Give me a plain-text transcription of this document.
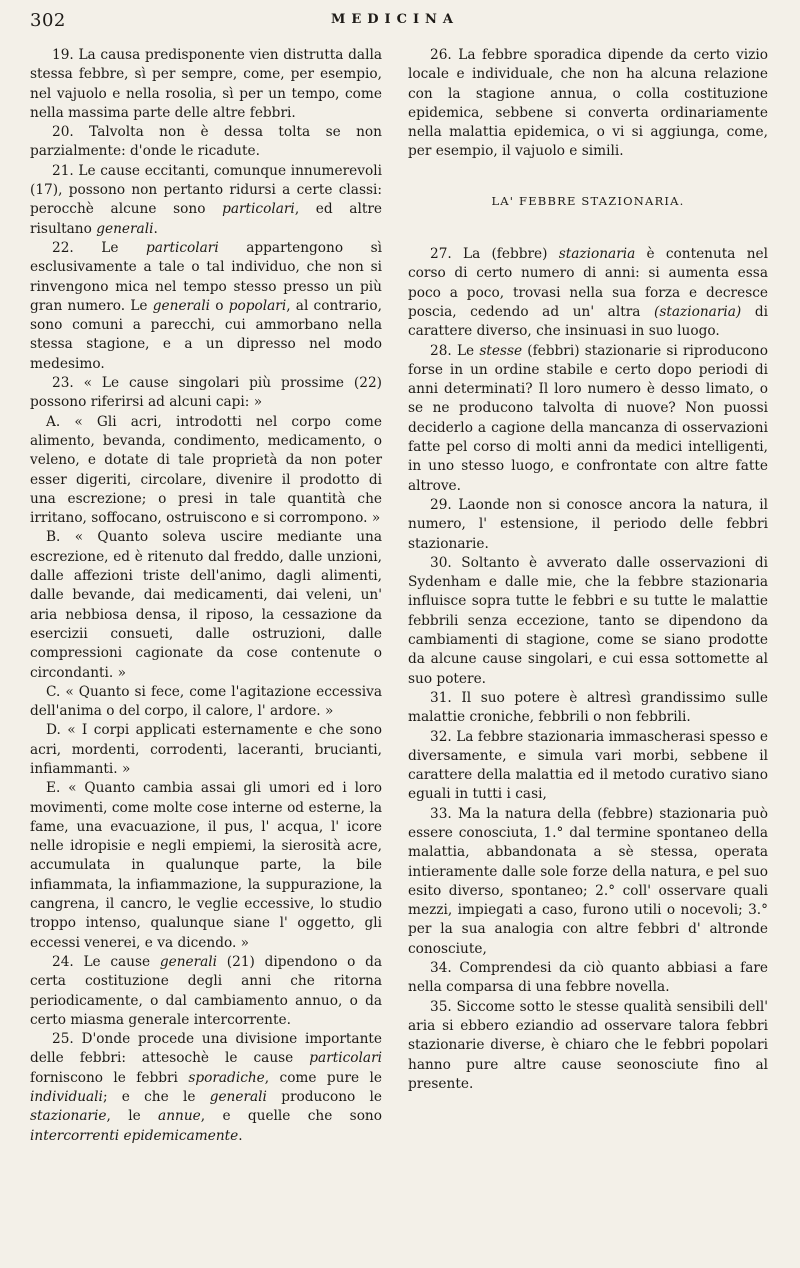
302	MEDICINA

19. La causa predisponente vien distrutta dalla stessa febbre, sì per sempre, come, per esempio, nel vajuolo e nella rosolia, sì per un tempo, come nella massima parte delle altre febbri.

20. Talvolta non è dessa tolta se non parzialmente: d'onde le ricadute.

21. Le cause eccitanti, comunque innumerevoli (17), possono non pertanto ridursi a certe classi: perocchè alcune sono particolari, ed altre risultano generali.

22. Le particolari appartengono sì esclusivamente a tale o tal individuo, che non si rinvengono mica nel tempo stesso presso un più gran numero. Le generali o popolari, al contrario, sono comuni a parecchi, cui ammorbano nella stessa stagione, e a un dipresso nel modo medesimo.

23. « Le cause singolari più prossime (22) possono riferirsi ad alcuni capi: »

A. « Gli acri, introdotti nel corpo come alimento, bevanda, condimento, medicamento, o veleno, e dotate di tale proprietà da non poter esser digeriti, circolare, divenire il prodotto di una escrezione; o presi in tale quantità che irritano, soffocano, ostruiscono e si corrompono. »

B. « Quanto soleva uscire mediante una escrezione, ed è ritenuto dal freddo, dalle unzioni, dalle affezioni triste dell'animo, dagli alimenti, dalle bevande, dai medicamenti, dai veleni, un' aria nebbiosa densa, il riposo, la cessazione da esercizii consueti, dalle ostruzioni, dalle compressioni cagionate da cose contenute o circondanti. »

C. « Quanto si fece, come l'agitazione eccessiva dell'anima o del corpo, il calore, l' ardore. »

D. « I corpi applicati esternamente e che sono acri, mordenti, corrodenti, laceranti, brucianti, infiammanti. »

E. « Quanto cambia assai gli umori ed i loro movimenti, come molte cose interne od esterne, la fame, una evacuazione, il pus, l' acqua, l' icore nelle idropisie e negli empiemi, la sierosità acre, accumulata in qualunque parte, la bile infiammata, la infiammazione, la suppurazione, la cangrena, il cancro, le veglie eccessive, lo studio troppo intenso, qualunque siane l' oggetto, gli eccessi venerei, e va dicendo. »

24. Le cause generali (21) dipendono o da certa costituzione degli anni che ritorna periodicamente, o dal cambiamento annuo, o da certo miasma generale intercorrente.

25. D'onde procede una divisione importante delle febbri: attesochè le cause particolari forniscono le febbri sporadiche, come pure le individuali; e che le generali producono le stazionarie, le annue, e quelle che sono intercorrenti epidemicamente.

26. La febbre sporadica dipende da certo vizio locale e individuale, che non ha alcuna relazione con la stagione annua, o colla costituzione epidemica, sebbene si converta ordinariamente nella malattia epidemica, o vi si aggiunga, come, per esempio, il vajuolo e simili.

LA' FEBBRE STAZIONARIA.

27. La (febbre) stazionaria è contenuta nel corso di certo numero di anni: si aumenta essa poco a poco, trovasi nella sua forza e decresce poscia, cedendo ad un' altra (stazionaria) di carattere diverso, che insinuasi in suo luogo.

28. Le stesse (febbri) stazionarie si riproducono forse in un ordine stabile e certo dopo periodi di anni determinati? Il loro numero è desso limato, o se ne producono talvolta di nuove? Non puossi deciderlo a cagione della mancanza di osservazioni fatte pel corso di molti anni da medici intelligenti, in uno stesso luogo, e confrontate con altre fatte altrove.

29. Laonde non si conosce ancora la natura, il numero, l' estensione, il periodo delle febbri stazionarie.

30. Soltanto è avverato dalle osservazioni di Sydenham e dalle mie, che la febbre stazionaria influisce sopra tutte le febbri e su tutte le malattie febbrili senza eccezione, tanto se dipendono da cambiamenti di stagione, come se siano prodotte da alcune cause singolari, e cui essa sottomette al suo potere.

31. Il suo potere è altresì grandissimo sulle malattie croniche, febbrili o non febbrili.

32. La febbre stazionaria immascherasi spesso e diversamente, e simula vari morbi, sebbene il carattere della malattia ed il metodo curativo siano eguali in tutti i casi,

33. Ma la natura della (febbre) stazionaria può essere conosciuta, 1.° dal termine spontaneo della malattia, abbandonata a sè stessa, operata intieramente dalle sole forze della natura, e pel suo esito diverso, spontaneo; 2.° coll' osservare quali mezzi, impiegati a caso, furono utili o nocevoli; 3.° per la sua analogia con altre febbri d' altronde conosciute,

34. Comprendesi da ciò quanto abbiasi a fare nella comparsa di una febbre novella.

35. Siccome sotto le stesse qualità sensibili dell' aria si ebbero eziandio ad osservare talora febbri stazionarie diverse, è chiaro che le febbri popolari hanno pure altre cause seonosciute fino al presente.
